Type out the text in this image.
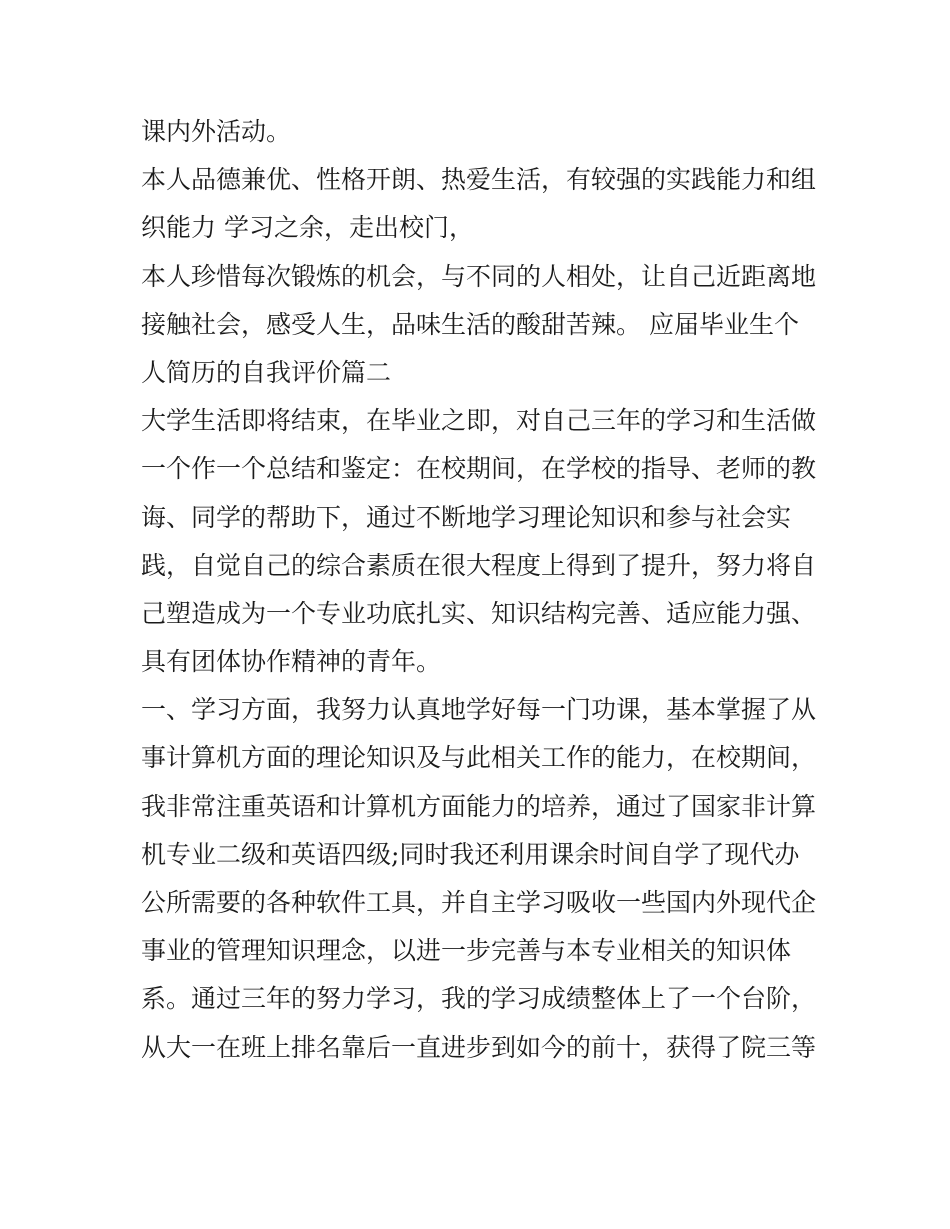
课内外活动。
本人品德兼优、性格开朗、热爱生活，有较强的实践能力和组
织能力 学习之余，走出校门，
本人珍惜每次锻炼的机会，与不同的人相处，让自己近距离地
接触社会，感受人生，品味生活的酸甜苦辣。 应届毕业生个
人简历的自我评价篇二
大学生活即将结束，在毕业之即，对自己三年的学习和生活做
一个作一个总结和鉴定：在校期间，在学校的指导、老师的教
诲、同学的帮助下，通过不断地学习理论知识和参与社会实
践，自觉自己的综合素质在很大程度上得到了提升，努力将自
己塑造成为一个专业功底扎实、知识结构完善、适应能力强、
具有团体协作精神的青年。
一、学习方面，我努力认真地学好每一门功课，基本掌握了从
事计算机方面的理论知识及与此相关工作的能力，在校期间，
我非常注重英语和计算机方面能力的培养，通过了国家非计算
机专业二级和英语四级;同时我还利用课余时间自学了现代办
公所需要的各种软件工具，并自主学习吸收一些国内外现代企
事业的管理知识理念，以进一步完善与本专业相关的知识体
系。通过三年的努力学习，我的学习成绩整体上了一个台阶，
从大一在班上排名靠后一直进步到如今的前十，获得了院三等
